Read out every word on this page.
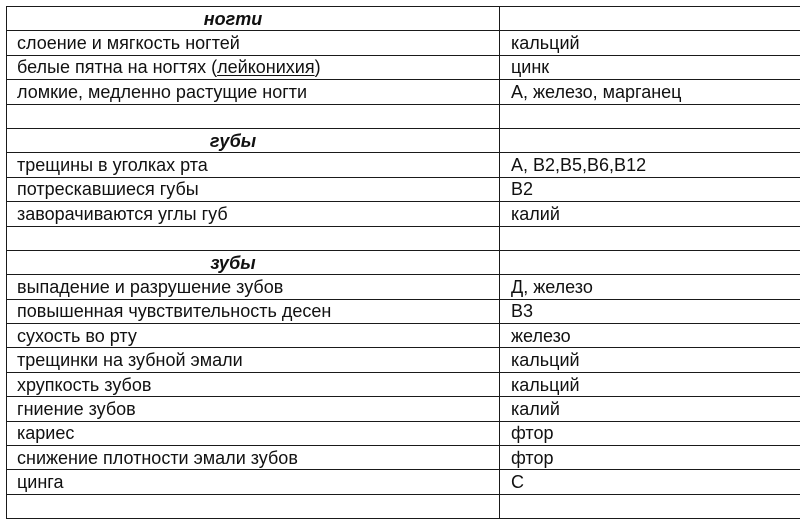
ногти	
слоение и мягкость ногтей	кальций
белые пятна на ногтях (лейконихия)	цинк
ломкие, медленно растущие ногти	А, железо, марганец

губы	
трещины в уголках рта	А, В2,В5,В6,В12
потрескавшиеся губы	В2
заворачиваются углы губ	калий

зубы	
выпадение и разрушение зубов	Д, железо
повышенная чувствительность десен	В3
сухость во рту	железо
трещинки на зубной эмали	кальций
хрупкость зубов	кальций
гниение зубов	калий
кариес	фтор
снижение плотности эмали зубов	фтор
цинга	С
